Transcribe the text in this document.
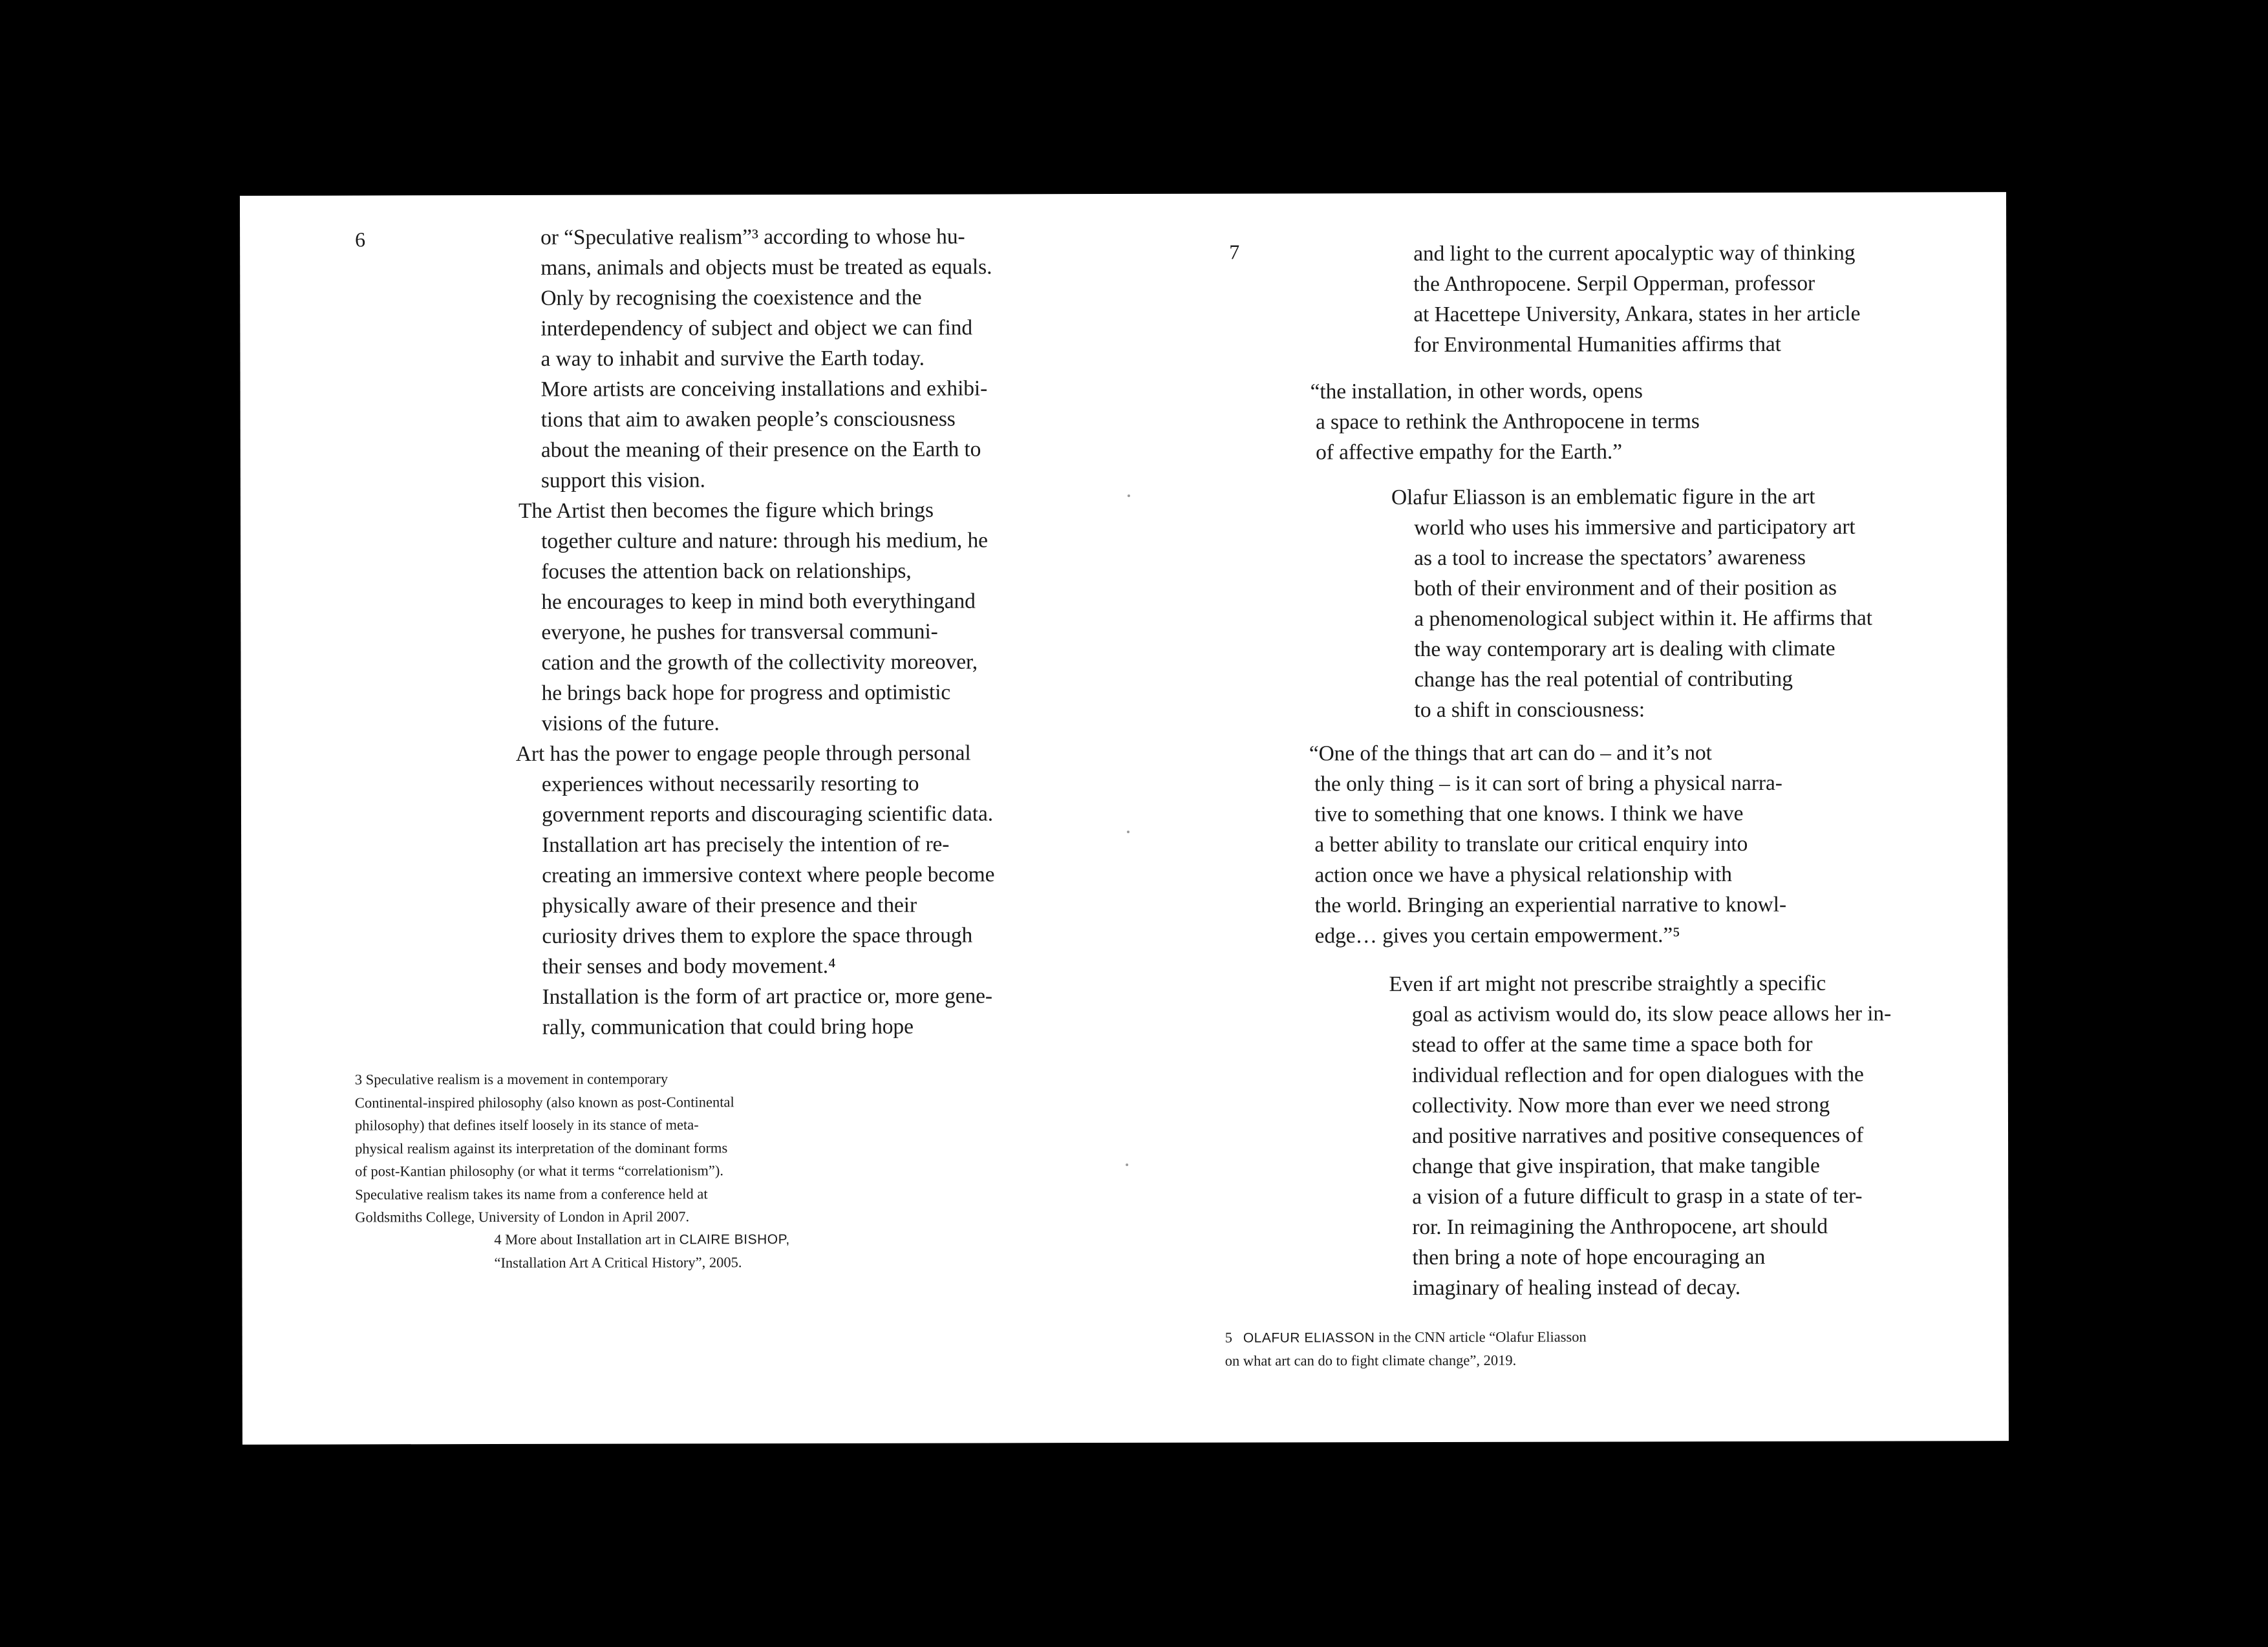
6	or “Speculative realism”³ according to whose hu-
mans, animals and objects must be treated as equals.
Only by recognising the coexistence and the
interdependency of subject and object we can find
a way to inhabit and survive the Earth today.
More artists are conceiving installations and exhibi-
tions that aim to awaken people’s consciousness
about the meaning of their presence on the Earth to
support this vision.
The Artist then becomes the figure which brings
together culture and nature: through his medium, he
focuses the attention back on relationships,
he encourages to keep in mind both everythingand
everyone, he pushes for transversal communi-
cation and the growth of the collectivity moreover,
he brings back hope for progress and optimistic
visions of the future.
Art has the power to engage people through personal
experiences without necessarily resorting to
government reports and discouraging scientific data.
Installation art has precisely the intention of re-
creating an immersive context where people become
physically aware of their presence and their
curiosity drives them to explore the space through
their senses and body movement.⁴
Installation is the form of art practice or, more gene-
rally, communication that could bring hope
3 Speculative realism is a movement in contemporary
Continental-inspired philosophy (also known as post-Continental
philosophy) that defines itself loosely in its stance of meta-
physical realism against its interpretation of the dominant forms
of post-Kantian philosophy (or what it terms “correlationism”).
Speculative realism takes its name from a conference held at
Goldsmiths College, University of London in April 2007.
4 More about Installation art in CLAIRE BISHOP,
“Installation Art A Critical History”, 2005.
7	and light to the current apocalyptic way of thinking
the Anthropocene. Serpil Opperman, professor
at Hacettepe University, Ankara, states in her article
for Environmental Humanities affirms that
“the installation, in other words, opens
a space to rethink the Anthropocene in terms
of affective empathy for the Earth.”
Olafur Eliasson is an emblematic figure in the art
world who uses his immersive and participatory art
as a tool to increase the spectators’ awareness
both of their environment and of their position as
a phenomenological subject within it. He affirms that
the way contemporary art is dealing with climate
change has the real potential of contributing
to a shift in consciousness:
“One of the things that art can do – and it’s not
the only thing – is it can sort of bring a physical narra-
tive to something that one knows. I think we have
a better ability to translate our critical enquiry into
action once we have a physical relationship with
the world. Bringing an experiential narrative to knowl-
edge… gives you certain empowerment.”⁵
Even if art might not prescribe straightly a specific
goal as activism would do, its slow peace allows her in-
stead to offer at the same time a space both for
individual reflection and for open dialogues with the
collectivity. Now more than ever we need strong
and positive narratives and positive consequences of
change that give inspiration, that make tangible
a vision of a future difficult to grasp in a state of ter-
ror. In reimagining the Anthropocene, art should
then bring a note of hope encouraging an
imaginary of healing instead of decay.
5   OLAFUR ELIASSON in the CNN article “Olafur Eliasson
on what art can do to fight climate change”, 2019.
